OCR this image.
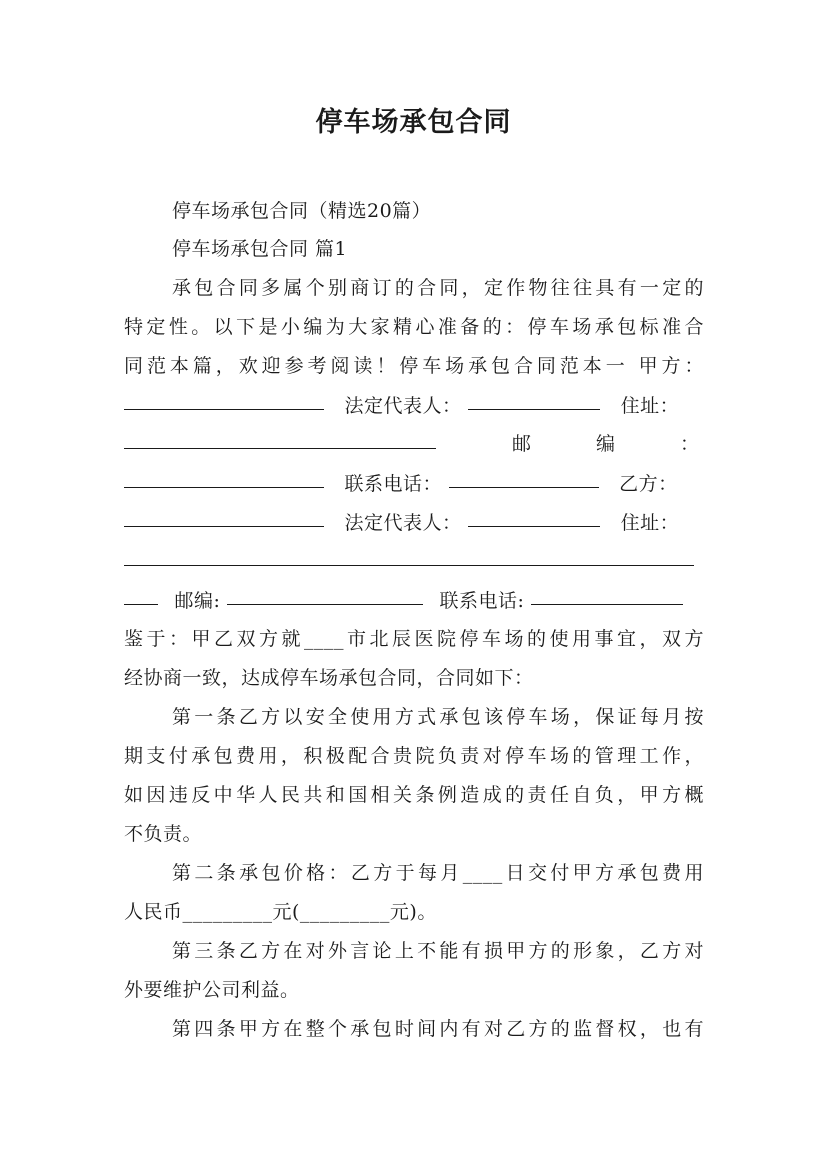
停车场承包合同
停车场承包合同（精选20篇）
停车场承包合同 篇1
承包合同多属个别商订的合同，定作物往往具有一定的
特定性。以下是小编为大家精心准备的：停车场承包标准合
同范本篇，欢迎参考阅读！停车场承包合同范本一 甲方：
法定代表人：	住址：
邮	编	：
联系电话：	乙方：
法定代表人：	住址：
邮编:	联系电话:
鉴于：甲乙双方就____市北辰医院停车场的使用事宜，双方
经协商一致，达成停车场承包合同，合同如下：
第一条乙方以安全使用方式承包该停车场，保证每月按
期支付承包费用，积极配合贵院负责对停车场的管理工作，
如因违反中华人民共和国相关条例造成的责任自负，甲方概
不负责。
第二条承包价格：乙方于每月____日交付甲方承包费用
人民币_________元(_________元)。
第三条乙方在对外言论上不能有损甲方的形象，乙方对
外要维护公司利益。
第四条甲方在整个承包时间内有对乙方的监督权，也有
